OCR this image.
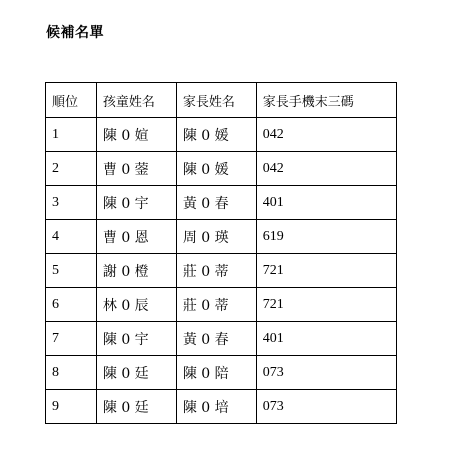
候補名單
順位	孩童姓名	家長姓名	家長手機末三碼
1	陳 0 媗	陳 0 媛	042
2	曹 0 蓥	陳 0 媛	042
3	陳 0 宇	黃 0 春	401
4	曹 0 恩	周 0 瑛	619
5	謝 0 橙	莊 0 蒂	721
6	林 0 辰	莊 0 蒂	721
7	陳 0 宇	黃 0 春	401
8	陳 0 廷	陳 0 陪	073
9	陳 0 廷	陳 0 培	073
